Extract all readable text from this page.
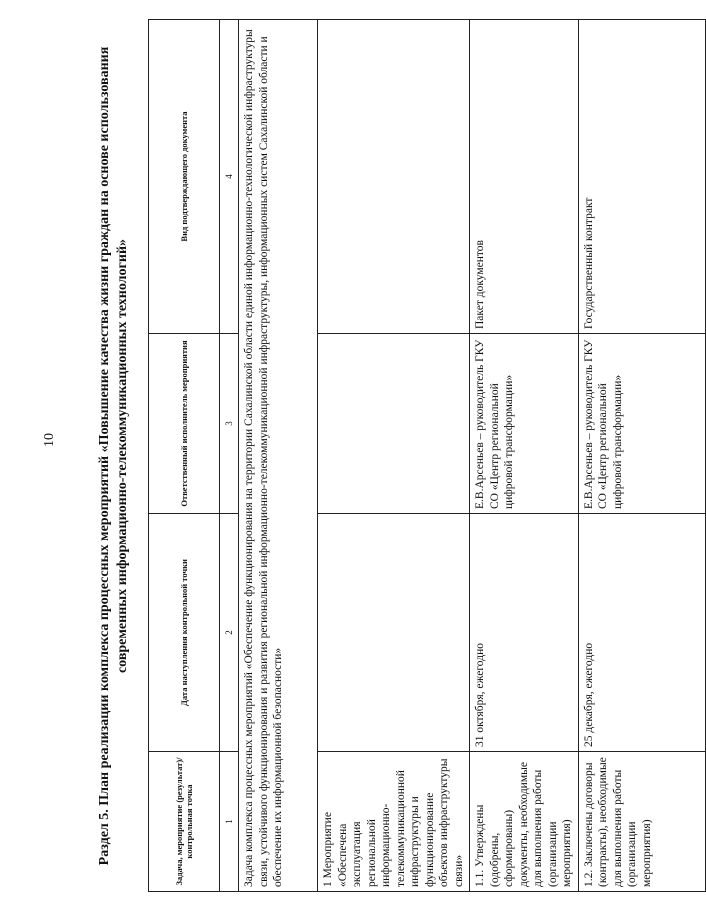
10	Раздел 5. План реализации комплекса процессных мероприятий «Повышение качества жизни граждан на основе использования современных информационно-телекоммуникационных технологий»
Задача, мероприятие (результат)/контрольная точка	Дата наступления контрольной точки	Ответственный исполнитель мероприятия	Вид подтверждающего документа
1	2	3	4
Задача комплекса процессных мероприятий «Обеспечение функционирования на территории Сахалинской области единой информационно-технологической инфраструктуры связи, устойчивого функционирования и развития региональной информационно-телекоммуникационной инфраструктуры, информационных систем Сахалинской области и обеспечение их информационной безопасности»			
1 Мероприятие «Обеспечена эксплуатация региональной информационно-телекоммуникационной инфраструктуры и функционирование объектов инфраструктуры связи»			
1.1. Утверждены (одобрены, сформированы) документы, необходимые для выполнения работы (организации мероприятия)	31 октября, ежегодно	Е.В.Арсеньев – руководитель ГКУ СО «Центр региональной цифровой трансформации»	Пакет документов
1.2. Заключены договоры (контракты), необходимые для выполнения работы (организации мероприятия)	25 декабря, ежегодно	Е.В.Арсеньев – руководитель ГКУ СО «Центр региональной цифровой трансформации»	Государственный контракт
